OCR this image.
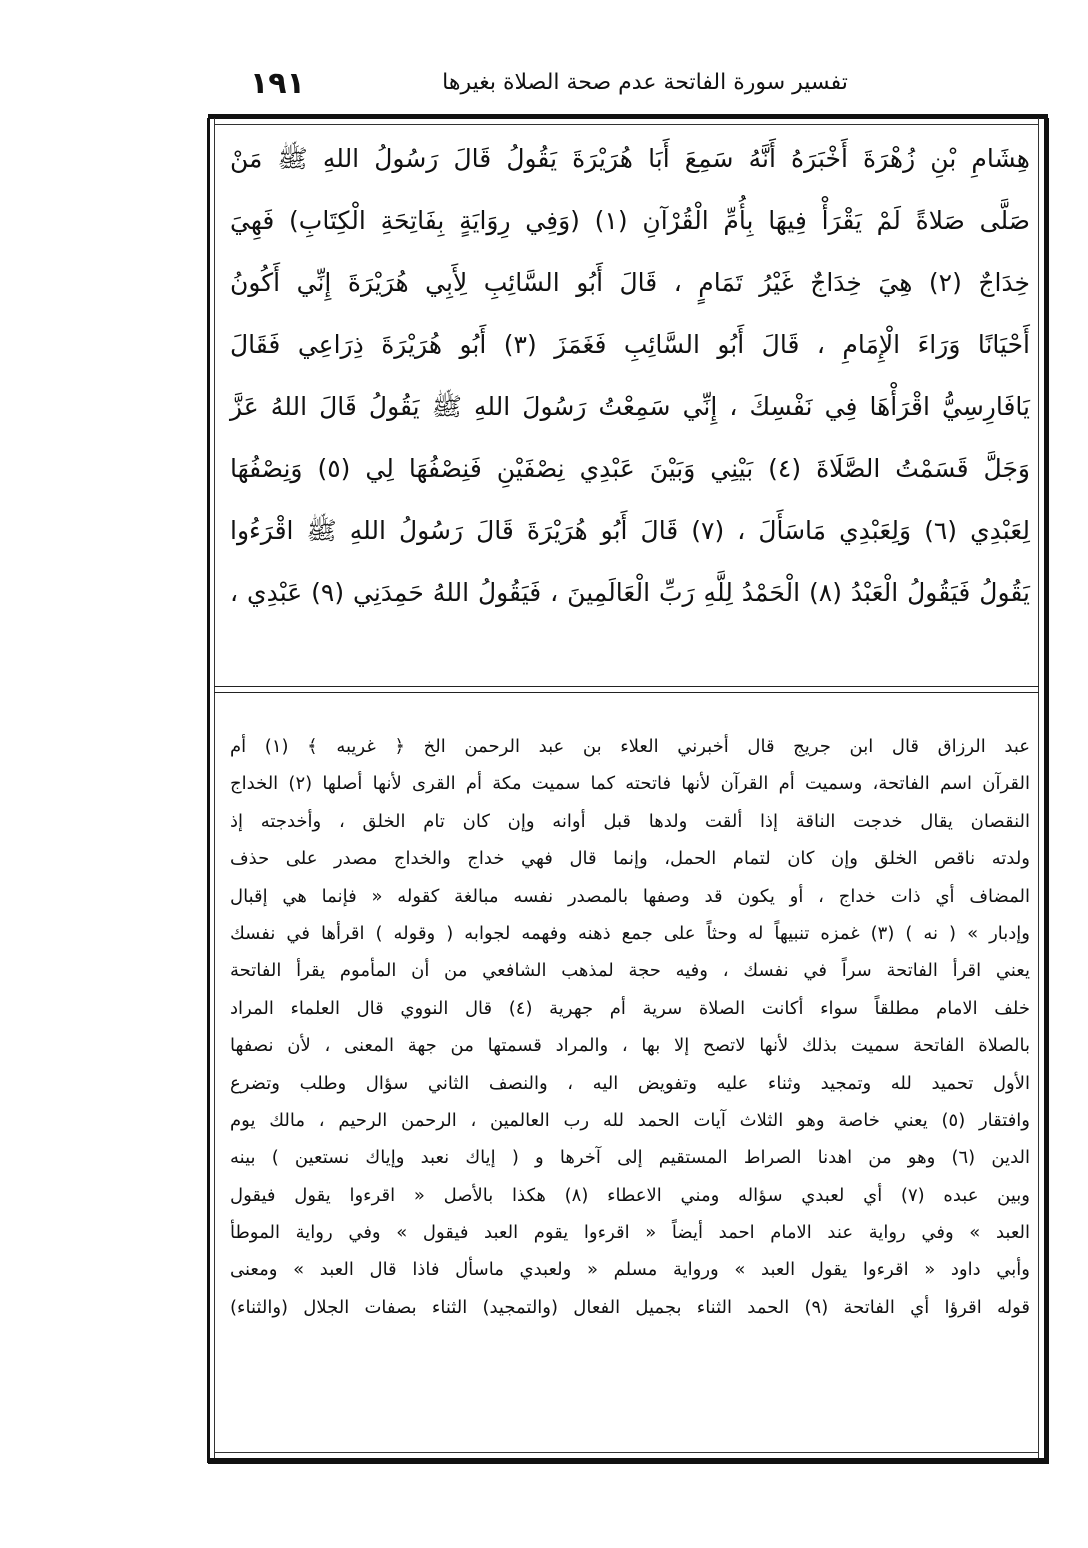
١٩١	تفسير سورة الفاتحة عدم صحة الصلاة بغيرها
هِشَامِ بْنِ زُهْرَةَ أَخْبَرَهُ أَنَّهُ سَمِعَ أَبَا هُرَيْرَةَ يَقُولُ قَالَ رَسُولُ اللهِ ﷺ مَنْ
صَلَّى صَلاةً لَمْ يَقْرَأْ فِيهَا بِأُمِّ الْقُرْآنِ (١) (وَفِي رِوَايَةٍ بِفَاتِحَةِ الْكِتَابِ) فَهِيَ
خِدَاجٌ (٢) هِيَ خِدَاجٌ غَيْرُ تَمَامٍ ، قَالَ أَبُو السَّائِبِ لِأَبِي هُرَيْرَةَ إِنِّي أَكُونُ
أَحْيَانًا وَرَاءَ الْإِمَامِ ، قَالَ أَبُو السَّائِبِ فَغَمَزَ (٣) أَبُو هُرَيْرَةَ ذِرَاعِي فَقَالَ
يَافَارِسِيُّ اقْرَأْهَا فِي نَفْسِكَ ، إِنِّي سَمِعْتُ رَسُولَ اللهِ ﷺ يَقُولُ قَالَ اللهُ عَزَّ
وَجَلَّ قَسَمْتُ الصَّلَاةَ (٤) بَيْنِي وَبَيْنَ عَبْدِي نِصْفَيْنِ فَنِصْفُهَا لِي (٥) وَنِصْفُهَا
لِعَبْدِي (٦) وَلِعَبْدِي مَاسَأَلَ ، (٧) قَالَ أَبُو هُرَيْرَةَ قَالَ رَسُولُ اللهِ ﷺ اقْرَءُوا
يَقُولُ فَيَقُولُ الْعَبْدُ (٨) الْحَمْدُ لِلَّهِ رَبِّ الْعَالَمِينَ ، فَيَقُولُ اللهُ حَمِدَنِي (٩) عَبْدِي ،
عبد الرزاق قال ابن جريج قال أخبرني العلاء بن عبد الرحمن الخ ﴿ غريبه ﴾ (١) أم
القرآن اسم الفاتحة، وسميت أم القرآن لأنها فاتحته كما سميت مكة أم القرى لأنها أصلها (٢) الخداج
النقصان يقال خدجت الناقة إذا ألقت ولدها قبل أوانه وإن كان تام الخلق ، وأخدجته إذ
ولدته ناقص الخلق وإن كان لتمام الحمل، وإنما قال فهي خداج والخداج مصدر على حذف
المضاف أي ذات خداج ، أو يكون قد وصفها بالمصدر نفسه مبالغة كقوله « فإنما هي إقبال
وإدبار » ( نه ) (٣) غمزه تنبيهاً له وحثاً على جمع ذهنه وفهمه لجوابه ( وقوله ) اقرأها في نفسك
يعني اقرأ الفاتحة سراً في نفسك ، وفيه حجة لمذهب الشافعي من أن المأموم يقرأ الفاتحة
خلف الامام مطلقاً سواء أكانت الصلاة سرية أم جهرية (٤) قال النووي قال العلماء المراد
بالصلاة الفاتحة سميت بذلك لأنها لاتصح إلا بها ، والمراد قسمتها من جهة المعنى ، لأن نصفها
الأول تحميد لله وتمجيد وثناء عليه وتفويض اليه ، والنصف الثاني سؤال وطلب وتضرع
وافتقار (٥) يعني خاصة وهو الثلاث آيات الحمد لله رب العالمين ، الرحمن الرحيم ، مالك يوم
الدين (٦) وهو من اهدنا الصراط المستقيم إلى آخرها و ( إياك نعبد وإياك نستعين ) بينه
وبين عبده (٧) أي لعبدي سؤاله ومني الاعطاء (٨) هكذا بالأصل « اقرءوا يقول فيقول
العبد » وفي رواية عند الامام احمد أيضاً « اقرءوا يقوم العبد فيقول » وفي رواية الموطأ
وأبي داود « اقرءوا يقول العبد » ورواية مسلم « ولعبدي ماسأل فاذا قال العبد » ومعنى
قوله اقرؤا أي الفاتحة (٩) الحمد الثناء بجميل الفعال (والتمجيد) الثناء بصفات الجلال (والثناء)
